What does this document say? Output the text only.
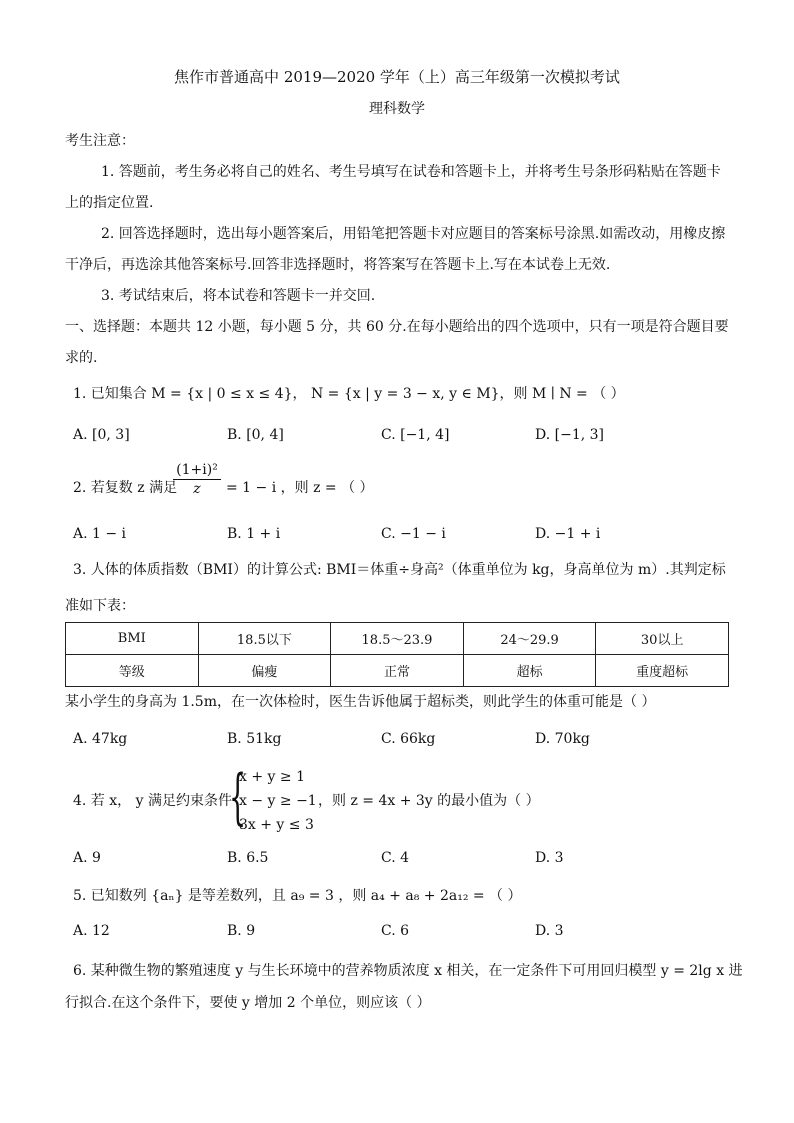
焦作市普通高中 2019—2020 学年（上）高三年级第一次模拟考试
理科数学
考生注意：
1. 答题前，考生务必将自己的姓名、考生号填写在试卷和答题卡上，并将考生号条形码粘贴在答题卡
上的指定位置.
2. 回答选择题时，选出每小题答案后，用铅笔把答题卡对应题目的答案标号涂黑.如需改动，用橡皮擦
干净后，再选涂其他答案标号.回答非选择题时，将答案写在答题卡上.写在本试卷上无效.
3. 考试结束后，将本试卷和答题卡一并交回.
一、选择题：本题共 12 小题，每小题 5 分，共 60 分.在每小题给出的四个选项中，只有一项是符合题目要
求的.
1. 已知集合 M = {x | 0 ≤ x ≤ 4}， N = {x | y = 3 − x, y ∈ M}，则 M ∣ N = （ ）
A. [0, 3]	B. [0, 4]	C. [−1, 4]	D. [−1, 3]
2. 若复数 z 满足
(1+i)²
z	= 1 − i ，则 z = （ ）
A. 1 − i	B. 1 + i	C. −1 − i	D. −1 + i
3. 人体的体质指数（BMI）的计算公式: BMI＝体重÷身高²（体重单位为 kg，身高单位为 m）.其判定标
准如下表：
BMI	18.5以下	18.5～23.9	24～29.9	30以上
等级	偏瘦	正常	超标	重度超标
某小学生的身高为 1.5m，在一次体检时，医生告诉他属于超标类，则此学生的体重可能是（ ）
A. 47kg	B. 51kg	C. 66kg	D. 70kg
4. 若 x， y 满足约束条件
{
x + y ≥ 1
x − y ≥ −1
3x + y ≤ 3
，则 z = 4x + 3y 的最小值为（ ）
A. 9	B. 6.5	C. 4	D. 3
5. 已知数列 {aₙ} 是等差数列，且 a₉ = 3 ，则 a₄ + a₈ + 2a₁₂ = （ ）
A. 12	B. 9	C. 6	D. 3
6. 某种微生物的繁殖速度 y 与生长环境中的营养物质浓度 x 相关，在一定条件下可用回归模型 y = 2lg x 进
行拟合.在这个条件下，要使 y 增加 2 个单位，则应该（ ）
